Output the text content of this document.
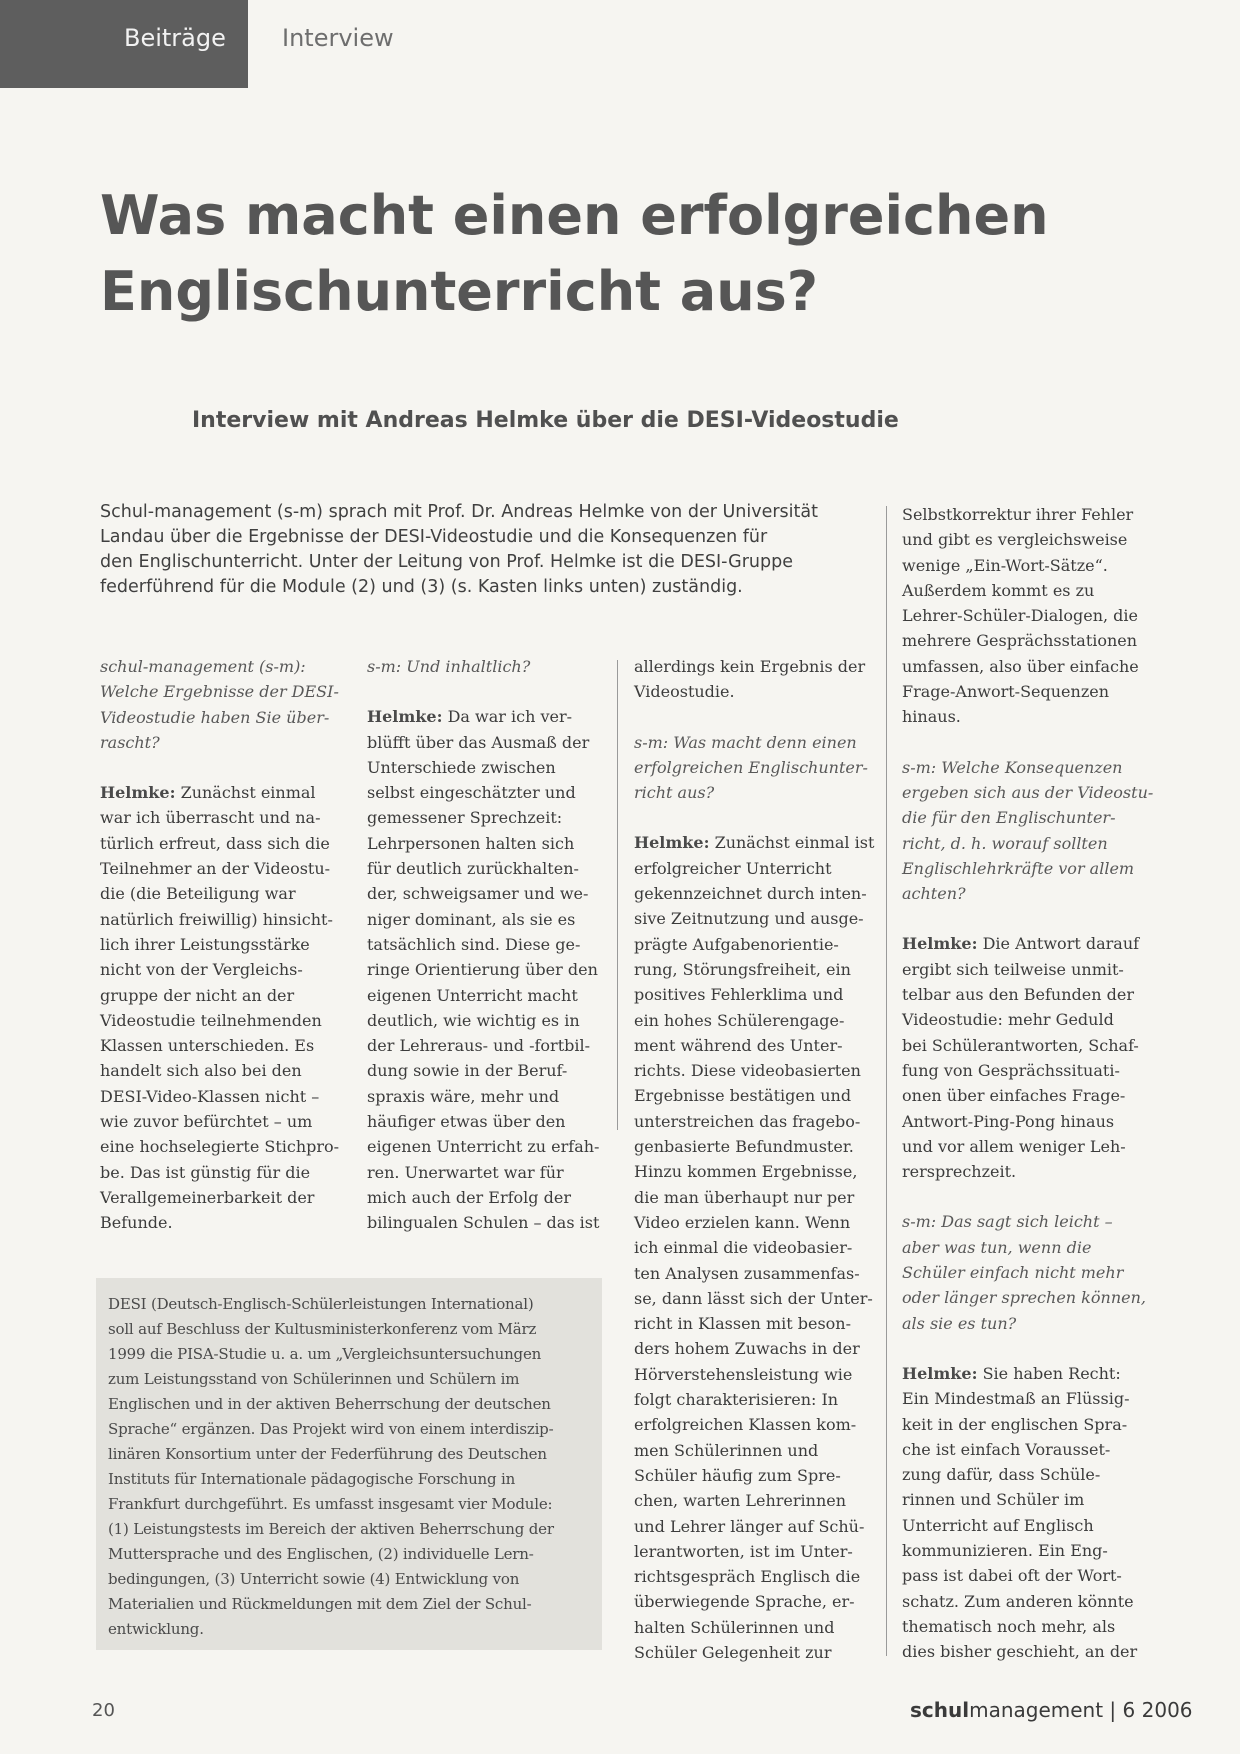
Beiträge Interview
Was macht einen erfolgreichen
Englischunterricht aus?
Interview mit Andreas Helmke über die DESI-Videostudie
Schul-management (s-m) sprach mit Prof. Dr. Andreas Helmke von der Universität
Landau über die Ergebnisse der DESI-Videostudie und die Konsequenzen für
den Englischunterricht. Unter der Leitung von Prof. Helmke ist die DESI-Gruppe
federführend für die Module (2) und (3) (s. Kasten links unten) zuständig.
schul-management (s-m):
Welche Ergebnisse der DESI-
Videostudie haben Sie über-
rascht?
Helmke: Zunächst einmal
war ich überrascht und na-
türlich erfreut, dass sich die
Teilnehmer an der Videostu-
die (die Beteiligung war
natürlich freiwillig) hinsicht-
lich ihrer Leistungsstärke
nicht von der Vergleichs-
gruppe der nicht an der
Videostudie teilnehmenden
Klassen unterschieden. Es
handelt sich also bei den
DESI-Video-Klassen nicht –
wie zuvor befürchtet – um
eine hochselegierte Stichpro-
be. Das ist günstig für die
Verallgemeinerbarkeit der
Befunde.
s-m: Und inhaltlich?
Helmke: Da war ich ver-
blüfft über das Ausmaß der
Unterschiede zwischen
selbst eingeschätzter und
gemessener Sprechzeit:
Lehrpersonen halten sich
für deutlich zurückhalten-
der, schweigsamer und we-
niger dominant, als sie es
tatsächlich sind. Diese ge-
ringe Orientierung über den
eigenen Unterricht macht
deutlich, wie wichtig es in
der Lehreraus- und -fortbil-
dung sowie in der Beruf-
spraxis wäre, mehr und
häufiger etwas über den
eigenen Unterricht zu erfah-
ren. Unerwartet war für
mich auch der Erfolg der
bilingualen Schulen – das ist
allerdings kein Ergebnis der
Videostudie.
s-m: Was macht denn einen
erfolgreichen Englischunter-
richt aus?
Helmke: Zunächst einmal ist
erfolgreicher Unterricht
gekennzeichnet durch inten-
sive Zeitnutzung und ausge-
prägte Aufgabenorientie-
rung, Störungsfreiheit, ein
positives Fehlerklima und
ein hohes Schülerengage-
ment während des Unter-
richts. Diese videobasierten
Ergebnisse bestätigen und
unterstreichen das fragebo-
genbasierte Befundmuster.
Hinzu kommen Ergebnisse,
die man überhaupt nur per
Video erzielen kann. Wenn
ich einmal die videobasier-
ten Analysen zusammenfas-
se, dann lässt sich der Unter-
richt in Klassen mit beson-
ders hohem Zuwachs in der
Hörverstehensleistung wie
folgt charakterisieren: In
erfolgreichen Klassen kom-
men Schülerinnen und
Schüler häufig zum Spre-
chen, warten Lehrerinnen
und Lehrer länger auf Schü-
lerantworten, ist im Unter-
richtsgespräch Englisch die
überwiegende Sprache, er-
halten Schülerinnen und
Schüler Gelegenheit zur
Selbstkorrektur ihrer Fehler
und gibt es vergleichsweise
wenige „Ein-Wort-Sätze“.
Außerdem kommt es zu
Lehrer-Schüler-Dialogen, die
mehrere Gesprächsstationen
umfassen, also über einfache
Frage-Anwort-Sequenzen
hinaus.
s-m: Welche Konsequenzen
ergeben sich aus der Videostu-
die für den Englischunter-
richt, d. h. worauf sollten
Englischlehrkräfte vor allem
achten?
Helmke: Die Antwort darauf
ergibt sich teilweise unmit-
telbar aus den Befunden der
Videostudie: mehr Geduld
bei Schülerantworten, Schaf-
fung von Gesprächssituati-
onen über einfaches Frage-
Antwort-Ping-Pong hinaus
und vor allem weniger Leh-
rersprechzeit.
s-m: Das sagt sich leicht –
aber was tun, wenn die
Schüler einfach nicht mehr
oder länger sprechen können,
als sie es tun?
Helmke: Sie haben Recht:
Ein Mindestmaß an Flüssig-
keit in der englischen Spra-
che ist einfach Vorausset-
zung dafür, dass Schüle-
rinnen und Schüler im
Unterricht auf Englisch
kommunizieren. Ein Eng-
pass ist dabei oft der Wort-
schatz. Zum anderen könnte
thematisch noch mehr, als
dies bisher geschieht, an der
DESI (Deutsch-Englisch-Schülerleistungen International)
soll auf Beschluss der Kultusministerkonferenz vom März
1999 die PISA-Studie u. a. um „Vergleichsuntersuchungen
zum Leistungsstand von Schülerinnen und Schülern im
Englischen und in der aktiven Beherrschung der deutschen
Sprache“ ergänzen. Das Projekt wird von einem interdiszip-
linären Konsortium unter der Federführung des Deutschen
Instituts für Internationale pädagogische Forschung in
Frankfurt durchgeführt. Es umfasst insgesamt vier Module:
(1) Leistungstests im Bereich der aktiven Beherrschung der
Muttersprache und des Englischen, (2) individuelle Lern-
bedingungen, (3) Unterricht sowie (4) Entwicklung von
Materialien und Rückmeldungen mit dem Ziel der Schul-
entwicklung.
20	schulmanagement | 6 2006
